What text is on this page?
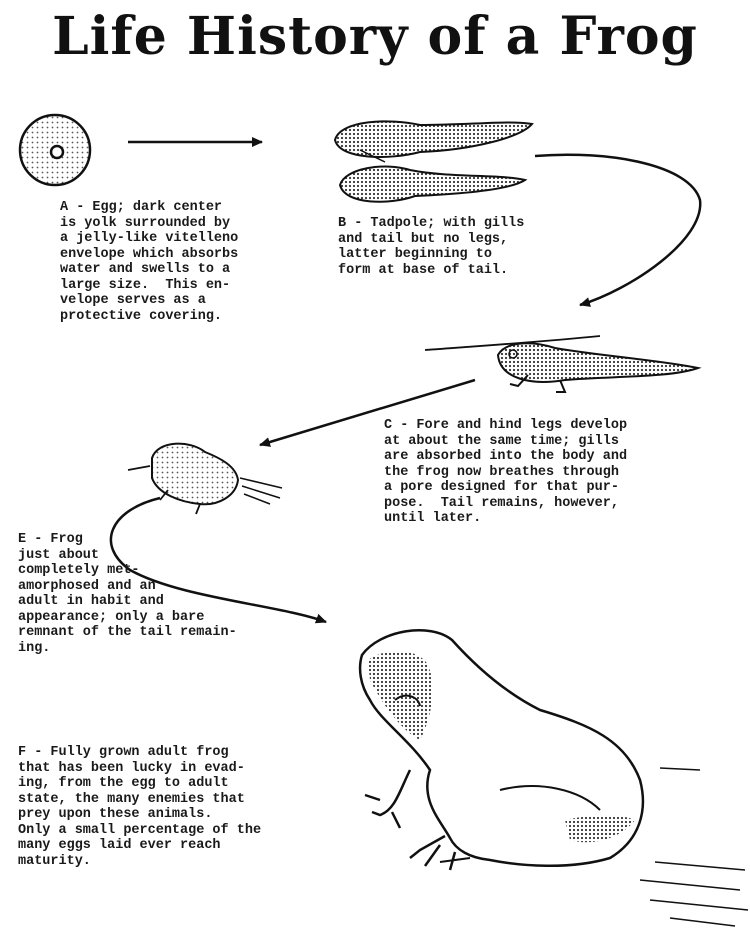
Life History of a Frog
A - Egg; dark center
is yolk surrounded by
a jelly-like vitelleno
envelope which absorbs
water and swells to a
large size.  This en-
velope serves as a
protective covering.
B - Tadpole; with gills
and tail but no legs,
latter beginning to
form at base of tail.
C - Fore and hind legs develop
at about the same time; gills
are absorbed into the body and
the frog now breathes through
a pore designed for that pur-
pose.  Tail remains, however,
until later.
E - Frog
just about
completely met-
amorphosed and an
adult in habit and
appearance; only a bare
remnant of the tail remain-
ing.
F - Fully grown adult frog
that has been lucky in evad-
ing, from the egg to adult
state, the many enemies that
prey upon these animals.
Only a small percentage of the
many eggs laid ever reach
maturity.
